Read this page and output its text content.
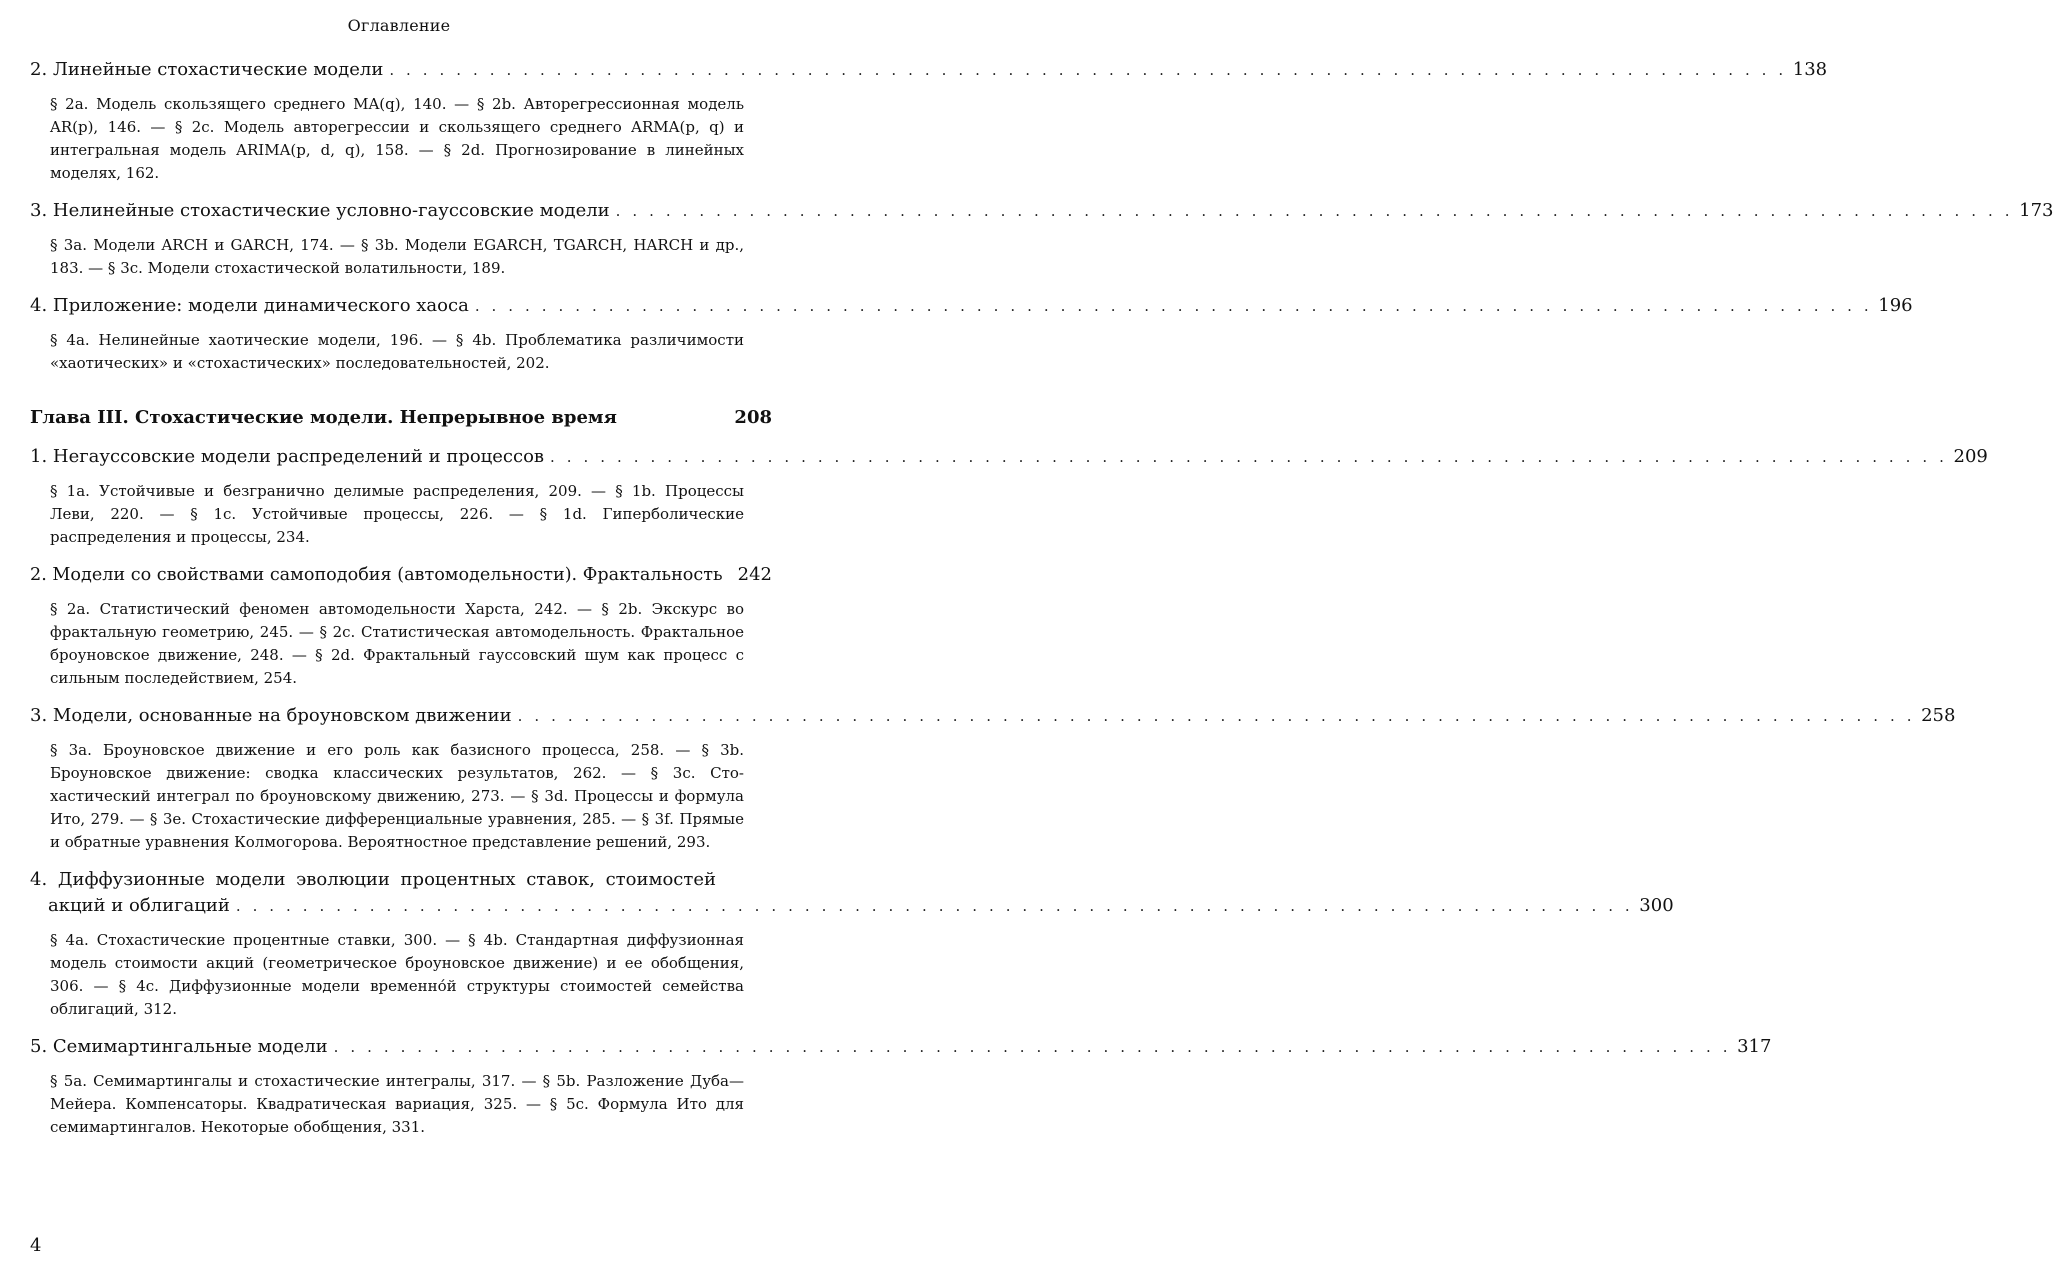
Оглавление
2. Линейные стохастические модели . . . . . . . . . . . . . . . . . . . . . . . . . . . . . . . . . . . . . . . . . . . . . . . . . . . . . . . . . . . . . . . . . . . . . . . . . . . . . . . . . . . . 138
§ 2a. Модель скользящего среднего MA(q), 140. — § 2b. Авторегрессионная модель AR(p), 146. — § 2c. Модель авторегрессии и скользящего среднего ARMA(p, q) и интегральная модель ARIMA(p, d, q), 158. — § 2d. Прогнозирование в линейных моделях, 162.
3. Нелинейные стохастические условно-гауссовские модели . . . . . . . . . . . . . . . . . . . . . . . . . . . . . . . . . . . . . . . . . . . . . . . . . . . . . . . . . . . . . . . . . . . . . . . . . . . . . . . . . . . . 173
§ 3a. Модели ARCH и GARCH, 174. — § 3b. Модели EGARCH, TGARCH, HARCH и др., 183. — § 3c. Модели стохастической волатильности, 189.
4. Приложение: модели динамического хаоса . . . . . . . . . . . . . . . . . . . . . . . . . . . . . . . . . . . . . . . . . . . . . . . . . . . . . . . . . . . . . . . . . . . . . . . . . . . . . . . . . . . . 196
§ 4a. Нелинейные хаотические модели, 196. — § 4b. Проблематика различимости «хаотических» и «стохастических» последовательностей, 202.
Глава III. Стохастические модели. Непрерывное время	208
1. Негауссовские модели распределений и процессов . . . . . . . . . . . . . . . . . . . . . . . . . . . . . . . . . . . . . . . . . . . . . . . . . . . . . . . . . . . . . . . . . . . . . . . . . . . . . . . . . . . . 209
§ 1a. Устойчивые и безгранично делимые распределения, 209. — § 1b. Процессы Леви, 220. — § 1c. Устойчивые процессы, 226. — § 1d. Гиперболические распределения и процессы, 234.
2. Модели со свойствами самоподобия (автомодельности). Фрактальность 242
§ 2a. Статистический феномен автомодельности Харста, 242. — § 2b. Экскурс во фрактальную геометрию, 245. — § 2c. Статистическая автомодельность. Фрактальное броуновское движение, 248. — § 2d. Фрактальный гауссовский шум как процесс с сильным последействием, 254.
3. Модели, основанные на броуновском движении . . . . . . . . . . . . . . . . . . . . . . . . . . . . . . . . . . . . . . . . . . . . . . . . . . . . . . . . . . . . . . . . . . . . . . . . . . . . . . . . . . . . 258
§ 3a. Броуновское движение и его роль как базисного процесса, 258. — § 3b. Броуновское движение: сводка классических результатов, 262. — § 3c. Стохастический интеграл по броуновскому движению, 273. — § 3d. Процессы и формула Ито, 279. — § 3e. Стохастические дифференциальные уравнения, 285. — § 3f. Прямые и обратные уравнения Колмогорова. Вероятностное представление решений, 293.
4. Диффузионные модели эволюции процентных ставок, стоимостей
акций и облигаций . . . . . . . . . . . . . . . . . . . . . . . . . . . . . . . . . . . . . . . . . . . . . . . . . . . . . . . . . . . . . . . . . . . . . . . . . . . . . . . . . . . . 300
§ 4a. Стохастические процентные ставки, 300. — § 4b. Стандартная диффузионная модель стоимости акций (геометрическое броуновское движение) и ее обобщения, 306. — § 4c. Диффузионные модели временно́й структуры стоимостей семейства облигаций, 312.
5. Семимартингальные модели . . . . . . . . . . . . . . . . . . . . . . . . . . . . . . . . . . . . . . . . . . . . . . . . . . . . . . . . . . . . . . . . . . . . . . . . . . . . . . . . . . . . 317
§ 5a. Семимартингалы и стохастические интегралы, 317. — § 5b. Разложение Дуба—Мейера. Компенсаторы. Квадратическая вариация, 325. — § 5c. Формула Ито для семимартингалов. Некоторые обобщения, 331.
4
